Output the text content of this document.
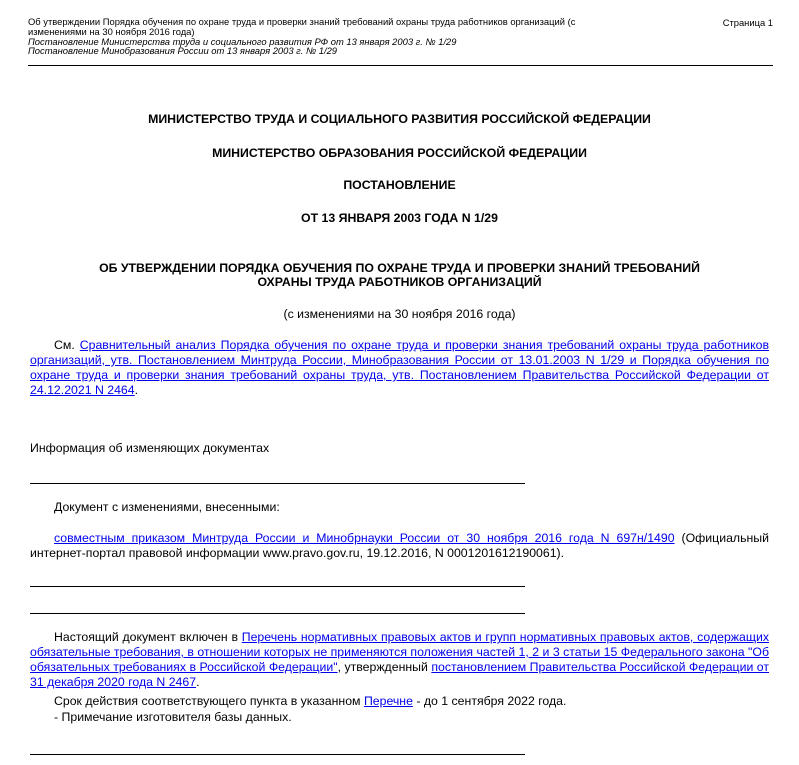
Об утверждении Порядка обучения по охране труда и проверки знаний требований охраны труда работников организаций (с
изменениями на 30 ноября 2016 года)
Постановление Министерства труда и социального развития РФ от 13 января 2003 г. № 1/29
Постановление Минобразования России от 13 января 2003 г. № 1/29
Страница 1
МИНИСТЕРСТВО ТРУДА И СОЦИАЛЬНОГО РАЗВИТИЯ РОССИЙСКОЙ ФЕДЕРАЦИИ
МИНИСТЕРСТВО ОБРАЗОВАНИЯ РОССИЙСКОЙ ФЕДЕРАЦИИ
ПОСТАНОВЛЕНИЕ
ОТ 13 ЯНВАРЯ 2003 ГОДА N 1/29
ОБ УТВЕРЖДЕНИИ ПОРЯДКА ОБУЧЕНИЯ ПО ОХРАНЕ ТРУДА И ПРОВЕРКИ ЗНАНИЙ ТРЕБОВАНИЙ
ОХРАНЫ ТРУДА РАБОТНИКОВ ОРГАНИЗАЦИЙ
(с изменениями на 30 ноября 2016 года)
См. Сравнительный анализ Порядка обучения по охране труда и проверки знания требований охраны труда работников организаций, утв. Постановлением Минтруда России, Минобразования России от 13.01.2003 N 1/29 и Порядка обучения по охране труда и проверки знания требований охраны труда, утв. Постановлением Правительства Российской Федерации от 24.12.2021 N 2464.
Информация об изменяющих документах
Документ с изменениями, внесенными:
совместным приказом Минтруда России и Минобрнауки России от 30 ноября 2016 года N 697н/1490 (Официальный интернет-портал правовой информации www.pravo.gov.ru, 19.12.2016, N 0001201612190061).
Настоящий документ включен в Перечень нормативных правовых актов и групп нормативных правовых актов, содержащих обязательные требования, в отношении которых не применяются положения частей 1, 2 и 3 статьи 15 Федерального закона "Об обязательных требованиях в Российской Федерации", утвержденный постановлением Правительства Российской Федерации от 31 декабря 2020 года N 2467.
Срок действия соответствующего пункта в указанном Перечне - до 1 сентября 2022 года.
- Примечание изготовителя базы данных.
